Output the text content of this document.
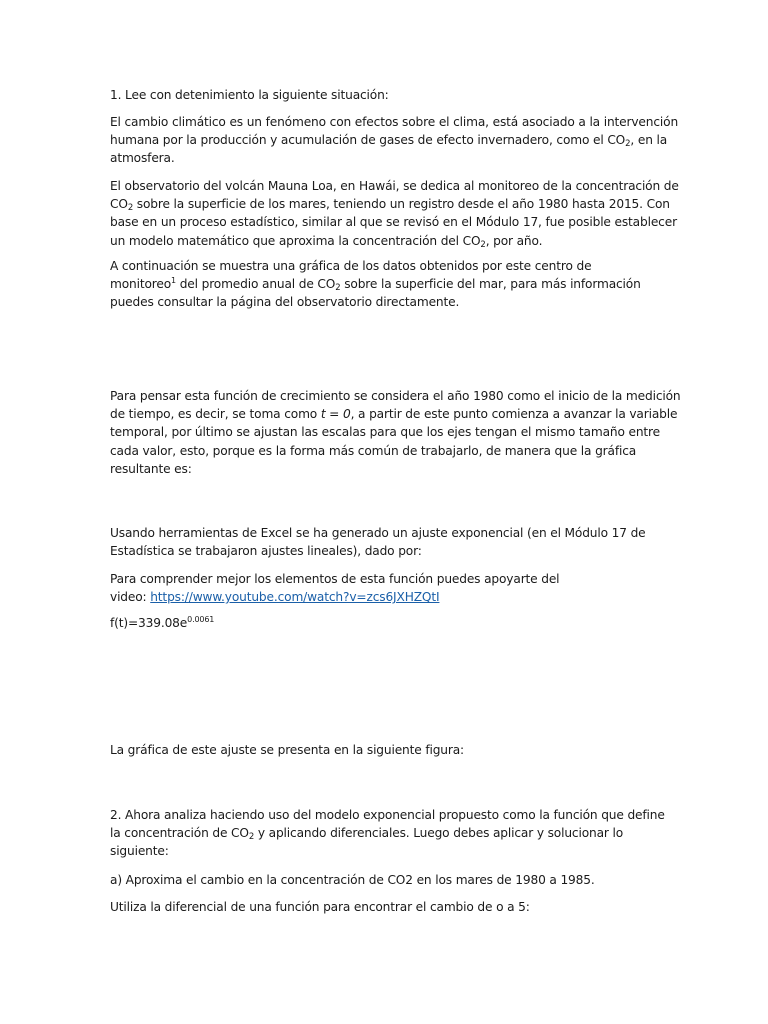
1. Lee con detenimiento la siguiente situación:

El cambio climático es un fenómeno con efectos sobre el clima, está asociado a la intervención
humana por la producción y acumulación de gases de efecto invernadero, como el $CO_2$, en la
atmosfera.

El observatorio del volcán Mauna Loa, en Hawái, se dedica al monitoreo de la concentración de
$CO_2$ sobre la superficie de los mares, teniendo un registro desde el año 1980 hasta 2015. Con
base en un proceso estadístico, similar al que se revisó en el Módulo 17, fue posible establecer
un modelo matemático que aproxima la concentración del $CO_2$, por año.

A continuación se muestra una gráfica de los datos obtenidos por este centro de
monitoreo$^1$ del promedio anual de $CO_2$ sobre la superficie del mar, para más información
puedes consultar la página del observatorio directamente.

Para pensar esta función de crecimiento se considera el año 1980 como el inicio de la medición
de tiempo, es decir, se toma como t = 0, a partir de este punto comienza a avanzar la variable
temporal, por último se ajustan las escalas para que los ejes tengan el mismo tamaño entre
cada valor, esto, porque es la forma más común de trabajarlo, de manera que la gráfica
resultante es:

Usando herramientas de Excel se ha generado un ajuste exponencial (en el Módulo 17 de
Estadística se trabajaron ajustes lineales), dado por:

Para comprender mejor los elementos de esta función puedes apoyarte del
video: https://www.youtube.com/watch?v=zcs6JXHZQtI

$f(t)=339.08e^{0.0061}$

La gráfica de este ajuste se presenta en la siguiente figura:

2. Ahora analiza haciendo uso del modelo exponencial propuesto como la función que define
la concentración de $CO_2$ y aplicando diferenciales. Luego debes aplicar y solucionar lo
siguiente:

a) Aproxima el cambio en la concentración de CO2 en los mares de 1980 a 1985.

Utiliza la diferencial de una función para encontrar el cambio de o a 5:
